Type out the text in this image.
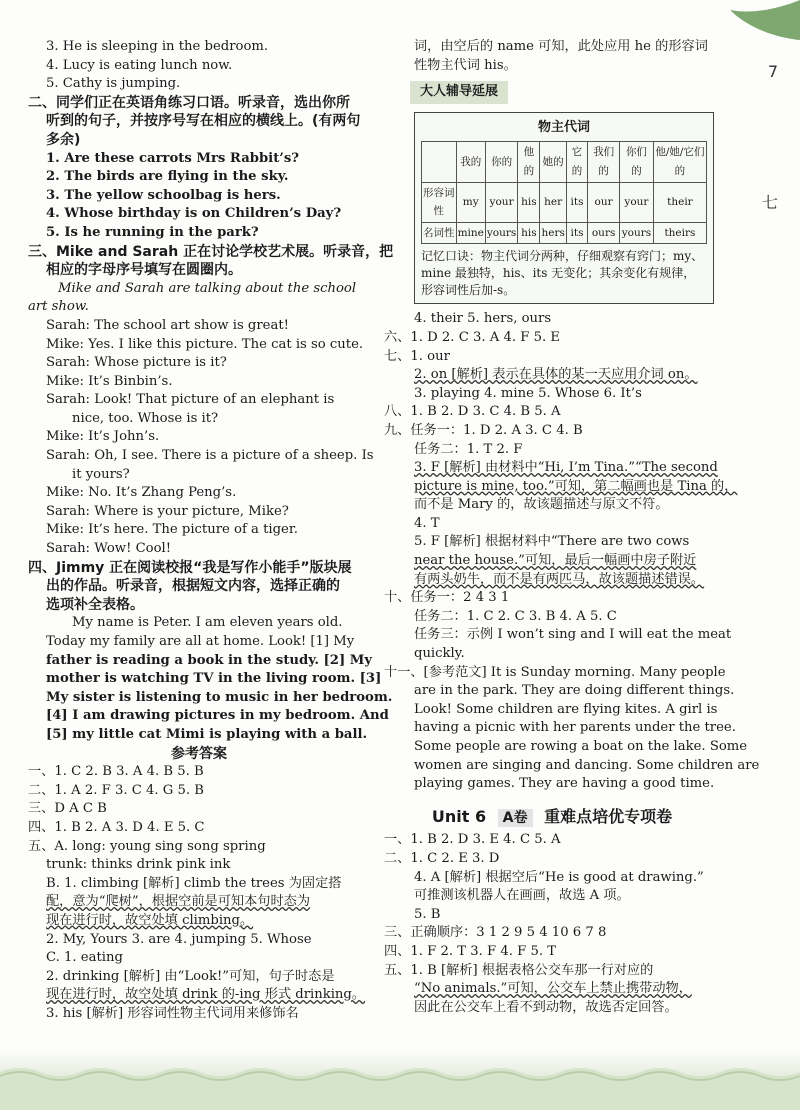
7
七
3. He is sleeping in the bedroom.
4. Lucy is eating lunch now.
5. Cathy is jumping.
二、同学们正在英语角练习口语。听录音，选出你所
听到的句子，并按序号写在相应的横线上。(有两句
多余)
1. Are these carrots Mrs Rabbit’s?
2. The birds are flying in the sky.
3. The yellow schoolbag is hers.
4. Whose birthday is on Children’s Day?
5. Is he running in the park?
三、Mike and Sarah 正在讨论学校艺术展。听录音，把
相应的字母序号填写在圆圈内。
Mike and Sarah are talking about the school
art show.
Sarah: The school art show is great!
Mike: Yes. I like this picture. The cat is so cute.
Sarah: Whose picture is it?
Mike: It’s Binbin’s.
Sarah: Look! That picture of an elephant is
nice, too. Whose is it?
Mike: It’s John’s.
Sarah: Oh, I see. There is a picture of a sheep. Is
it yours?
Mike: No. It’s Zhang Peng’s.
Sarah: Where is your picture, Mike?
Mike: It’s here. The picture of a tiger.
Sarah: Wow! Cool!
四、Jimmy 正在阅读校报“我是写作小能手”版块展
出的作品。听录音，根据短文内容，选择正确的
选项补全表格。
My name is Peter. I am eleven years old.
Today my family are all at home. Look! [1] My
father is reading a book in the study. [2] My
mother is watching TV in the living room. [3]
My sister is listening to music in her bedroom.
[4] I am drawing pictures in my bedroom. And
[5] my little cat Mimi is playing with a ball.
参考答案
一、1. C 2. B 3. A 4. B 5. B
二、1. A 2. F 3. C 4. G 5. B
三、D A C B
四、1. B 2. A 3. D 4. E 5. C
五、A. long: young sing song spring
trunk: thinks drink pink ink
B. 1. climbing [解析] climb the trees 为固定搭
配，意为“爬树”，根据空前是可知本句时态为
现在进行时，故空处填 climbing。
2. My, Yours 3. are 4. jumping 5. Whose
C. 1. eating
2. drinking [解析] 由“Look!”可知，句子时态是
现在进行时，故空处填 drink 的-ing 形式 drinking。
3. his [解析] 形容词性物主代词用来修饰名
词，由空后的 name 可知，此处应用 he 的形容词
性物主代词 his。
大人辅导延展
物主代词
	我的	你的	他的	她的	它的	我们的	你们的	他/她/它们的
形容词性	my	your	his	her	its	our	your	their
名词性	mine	yours	his	hers	its	ours	yours	theirs
记忆口诀：物主代词分两种，仔细观察有窍门；my、mine 最独特，his、its 无变化；其余变化有规律，形容词性后加-s。
4. their 5. hers, ours
六、1. D 2. C 3. A 4. F 5. E
七、1. our
2. on [解析] 表示在具体的某一天应用介词 on。
3. playing 4. mine 5. Whose 6. It’s
八、1. B 2. D 3. C 4. B 5. A
九、任务一：1. D 2. A 3. C 4. B
任务二：1. T 2. F
3. F [解析] 由材料中“Hi, I’m Tina.”“The second
picture is mine, too.”可知，第二幅画也是 Tina 的，
而不是 Mary 的，故该题描述与原文不符。
4. T
5. F [解析] 根据材料中“There are two cows
near the house.”可知，最后一幅画中房子附近
有两头奶牛，而不是有两匹马，故该题描述错误。
十、任务一：2 4 3 1
任务二：1. C 2. C 3. B 4. A 5. C
任务三：示例 I won’t sing and I will eat the meat
quickly.
十一、[参考范文] It is Sunday morning. Many people
are in the park. They are doing different things.
Look! Some children are flying kites. A girl is
having a picnic with her parents under the tree.
Some people are rowing a boat on the lake. Some
women are singing and dancing. Some children are
playing games. They are having a good time.
Unit 6 A卷 重难点培优专项卷
一、1. B 2. D 3. E 4. C 5. A
二、1. C 2. E 3. D
4. A [解析] 根据空后“He is good at drawing.”
可推测该机器人在画画，故选 A 项。
5. B
三、正确顺序：3 1 2 9 5 4 10 6 7 8
四、1. F 2. T 3. F 4. F 5. T
五、1. B [解析] 根据表格公交车那一行对应的
“No animals.”可知，公交车上禁止携带动物，
因此在公交车上看不到动物，故选否定回答。
